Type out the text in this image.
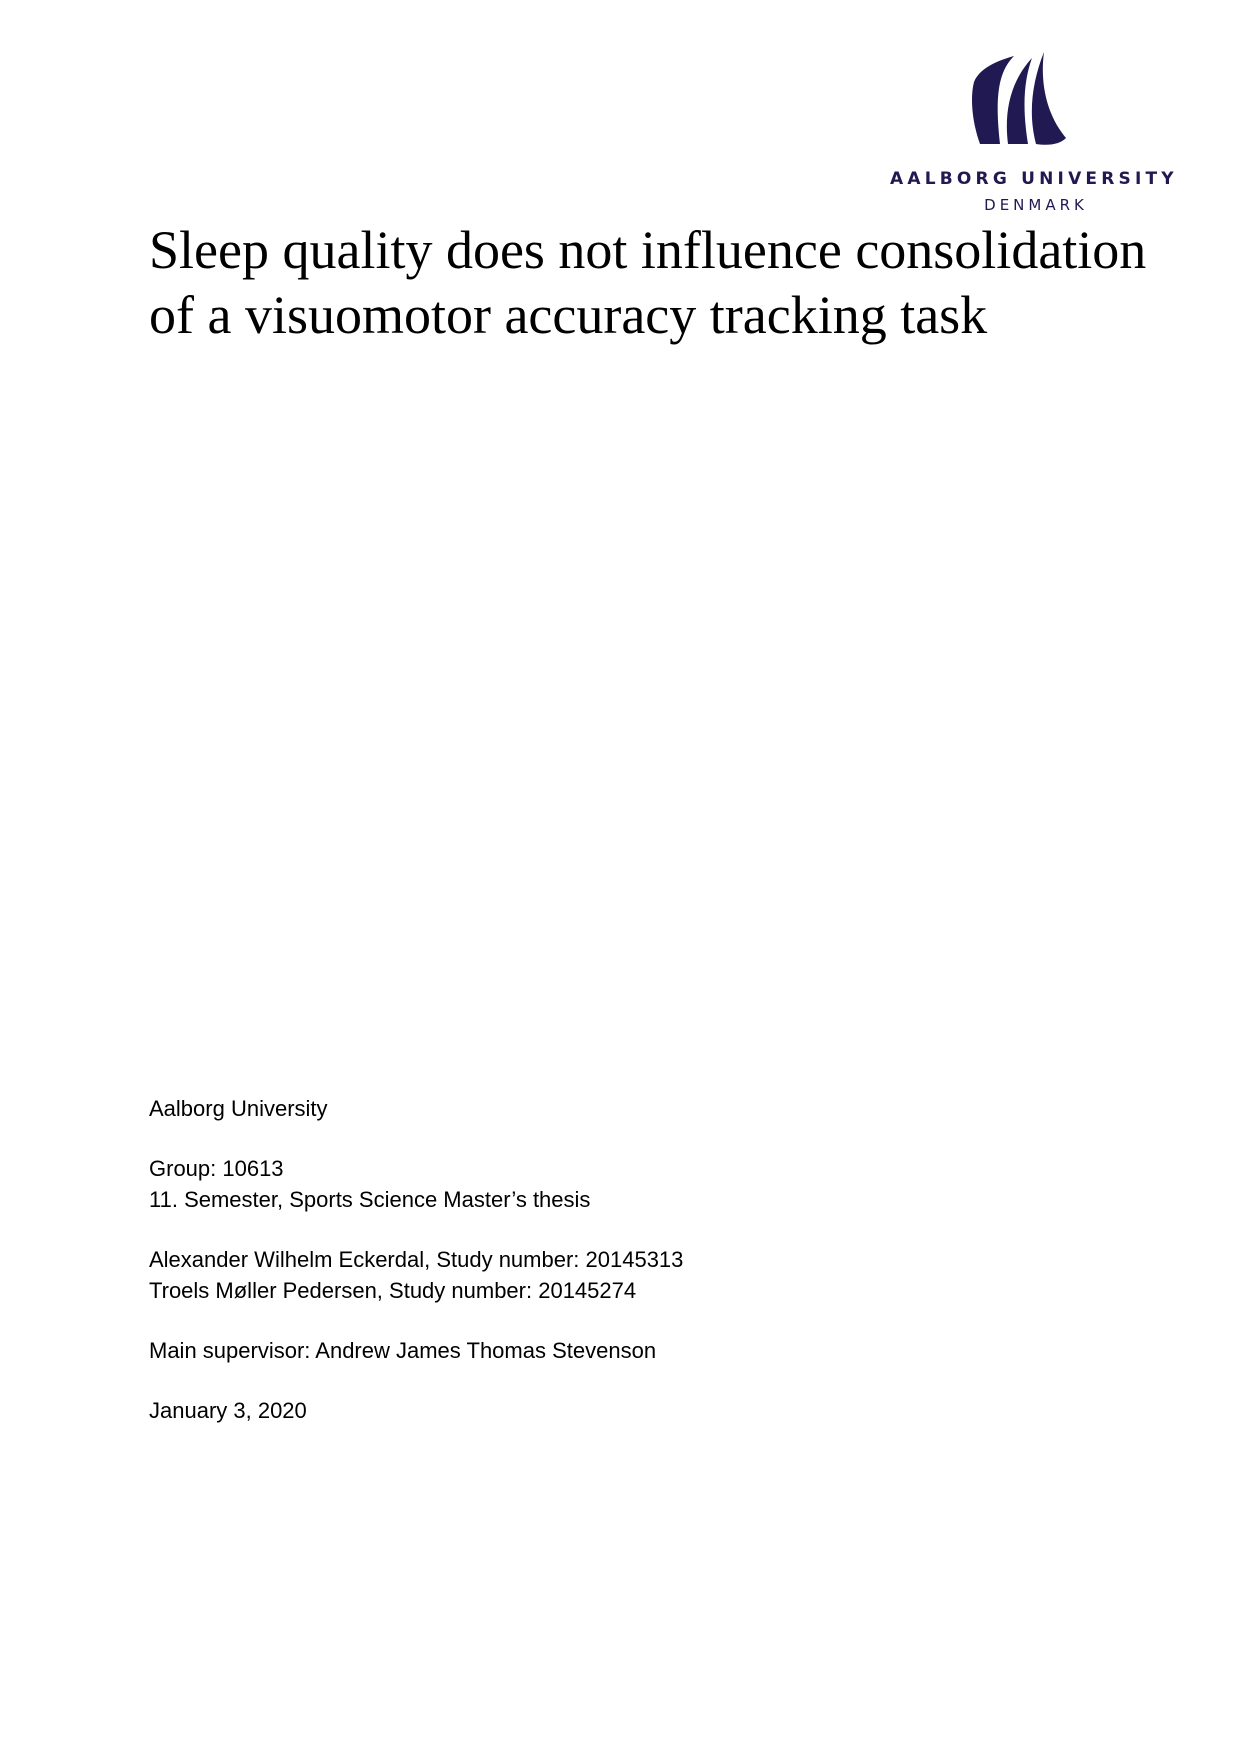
AALBORG UNIVERSITY
DENMARK
Sleep quality does not influence consolidation
of a visuomotor accuracy tracking task

Aalborg University

Group: 10613

11. Semester, Sports Science Master’s thesis

Alexander Wilhelm Eckerdal, Study number: 20145313

Troels Møller Pedersen, Study number: 20145274

Main supervisor: Andrew James Thomas Stevenson

January 3, 2020
